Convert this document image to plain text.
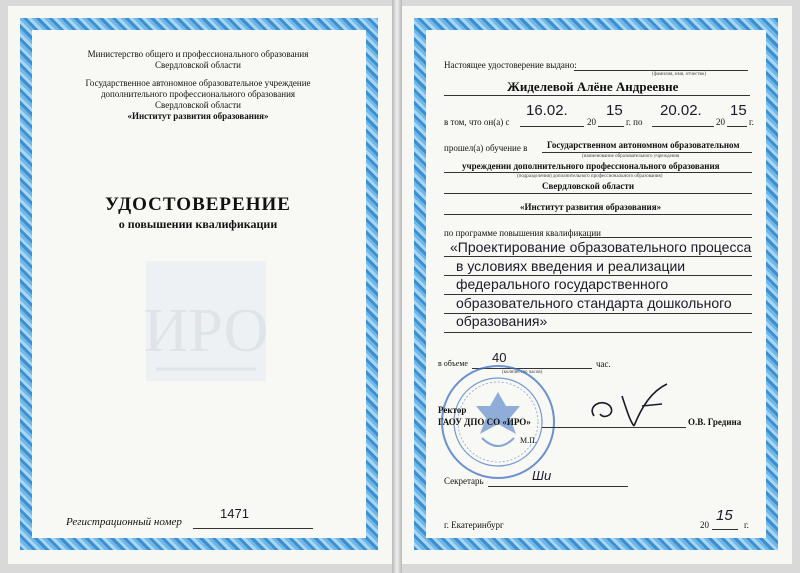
Министерство общего и профессионального образования
Свердловской области
Государственное автономное образовательное учреждение
дополнительного профессионального образования
Свердловской области
«Институт развития образования»
УДОСТОВЕРЕНИЕ
о повышении квалификации
ИРО
Регистрационный номер
1471
Настоящее удостоверение выдано:
(фамилия, имя, отчество)
Жиделевой Алёне Андреевне
в том, что он(а) с
16.02.
20
15
г. по
20.02.
20
15
г.
прошел(а) обучение в Государственном автономном образовательном
(наименование образовательного учреждения
учреждении дополнительного профессионального образования
(подразделения) дополнительного профессионального образования)
Свердловской области
«Институт развития образования»
по программе повышения квалификации
«Проектирование образовательного процесса
в условиях введения и реализации
федерального государственного
образовательного стандарта дошкольного
образования»
в объеме 40
(количество часов)
час.
Ректор
ГАОУ ДПО СО «ИРО»	О.В. Гредина
М.П.
Секретарь	Ши
г. Екатеринбург	20
15
г.
